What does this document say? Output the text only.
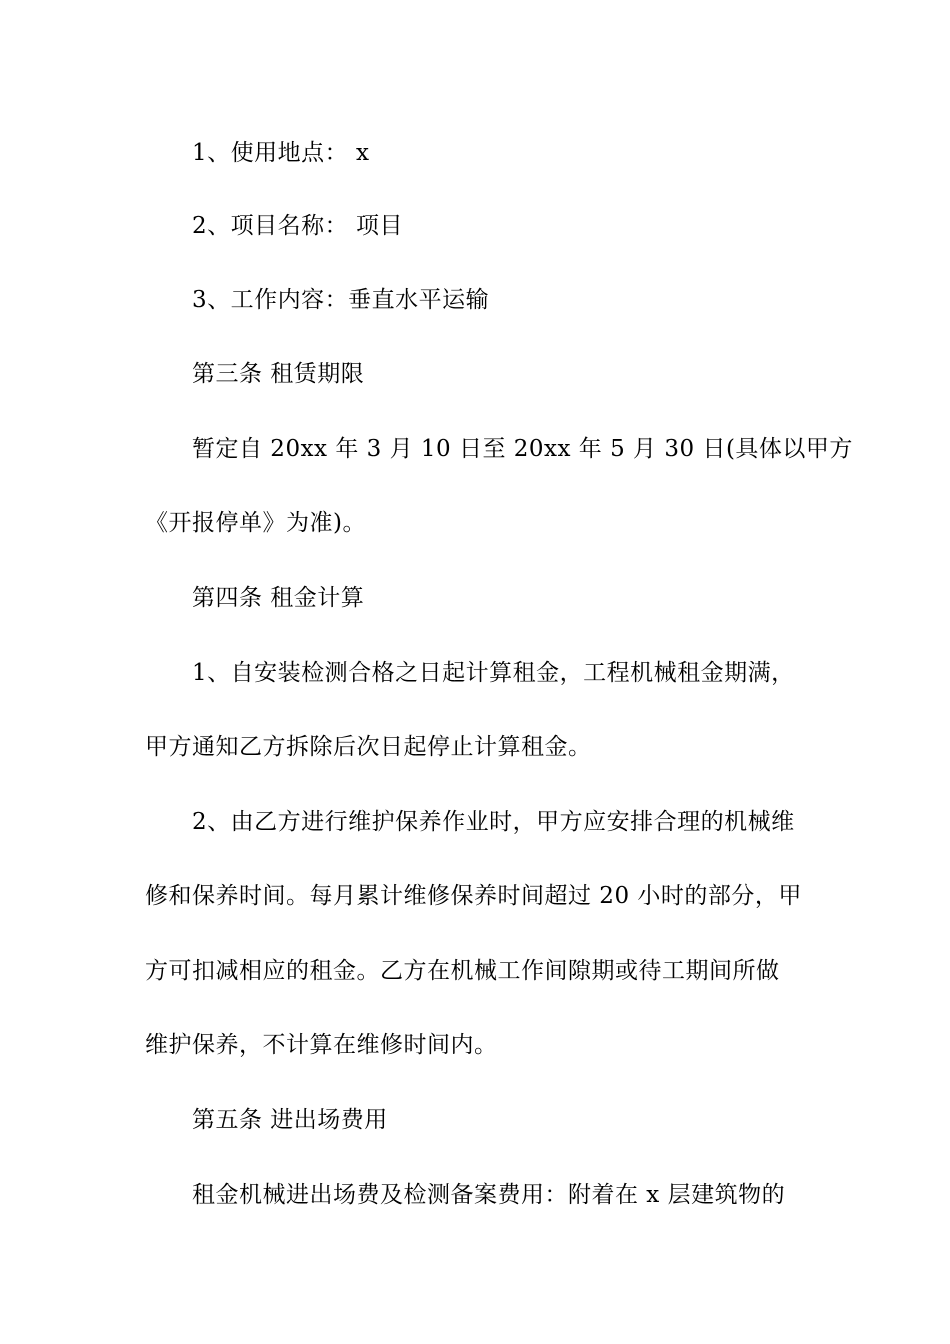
1、使用地点： x
2、项目名称： 项目
3、工作内容：垂直水平运输
第三条 租赁期限
暂定自 20xx 年 3 月 10 日至 20xx 年 5 月 30 日(具体以甲方
《开报停单》为准)。
第四条 租金计算
1、自安装检测合格之日起计算租金，工程机械租金期满，
甲方通知乙方拆除后次日起停止计算租金。
2、由乙方进行维护保养作业时，甲方应安排合理的机械维
修和保养时间。每月累计维修保养时间超过 20 小时的部分，甲
方可扣减相应的租金。乙方在机械工作间隙期或待工期间所做
维护保养，不计算在维修时间内。
第五条 进出场费用
租金机械进出场费及检测备案费用：附着在 x 层建筑物的
